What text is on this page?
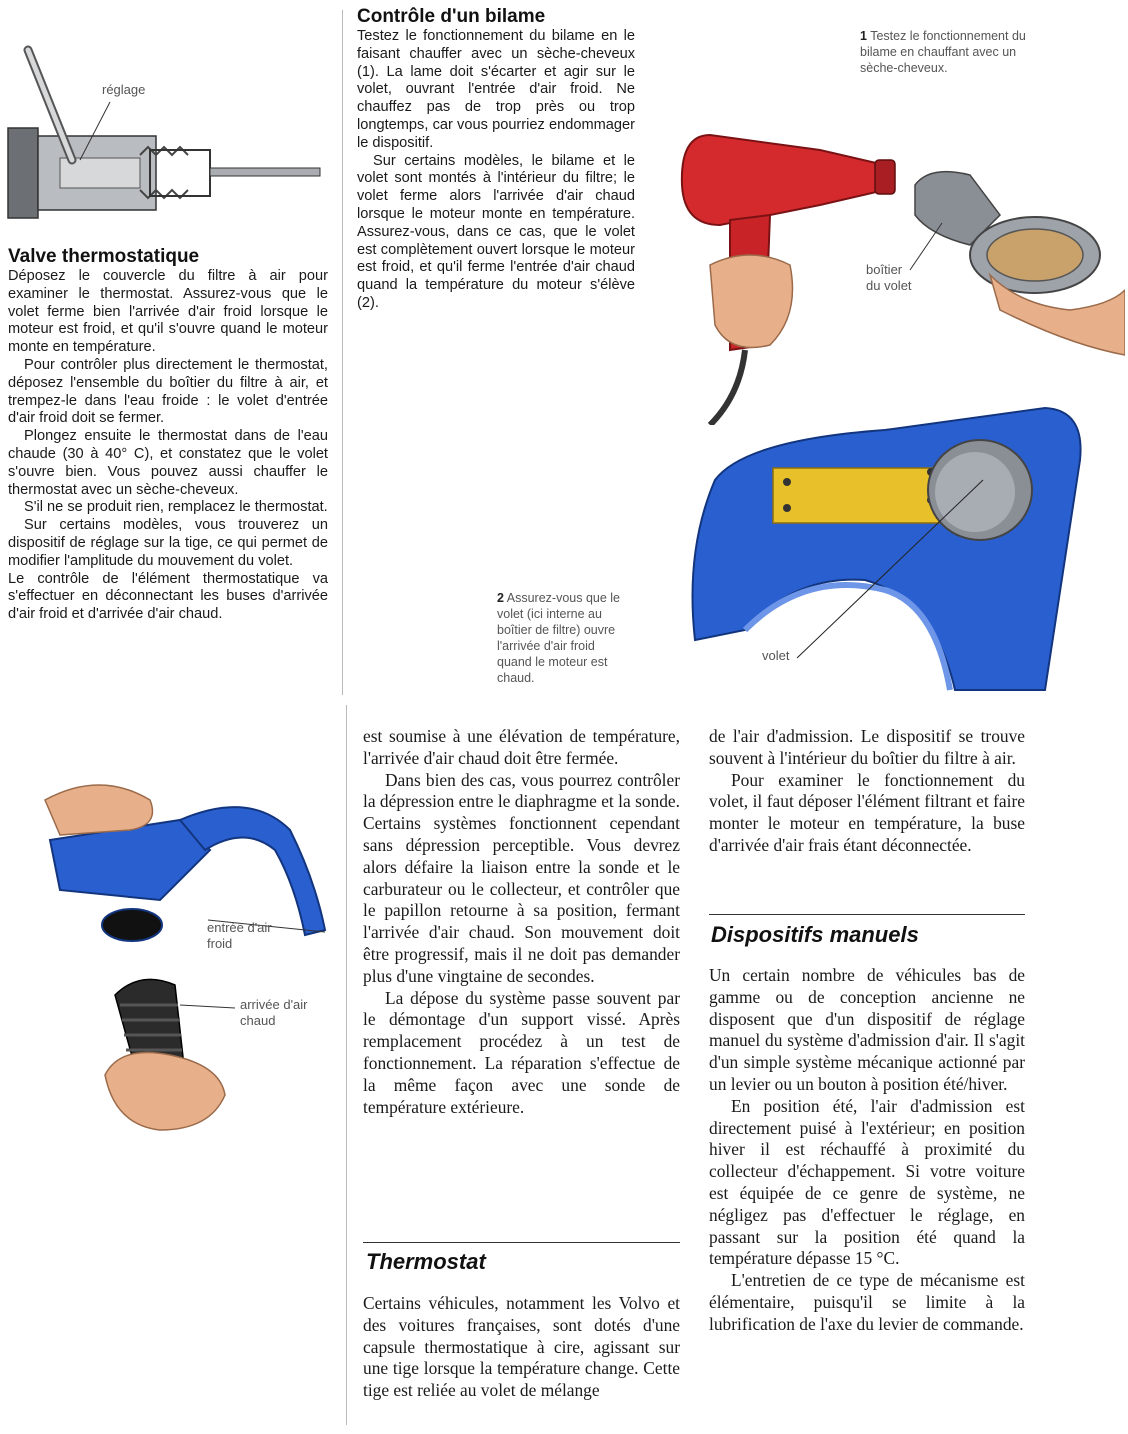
réglage
Valve thermostatique

Déposez le couvercle du filtre à air pour examiner le thermostat. Assurez-vous que le volet ferme bien l'arrivée d'air froid lorsque le moteur est froid, et qu'il s'ouvre quand le moteur monte en température.

Pour contrôler plus directement le thermostat, déposez l'ensemble du boîtier du filtre à air, et trempez-le dans l'eau froide : le volet d'entrée d'air froid doit se fermer.

Plongez ensuite le thermostat dans de l'eau chaude (30 à 40° C), et constatez que le volet s'ouvre bien. Vous pouvez aussi chauffer le thermostat avec un sèche-cheveux.

S'il ne se produit rien, remplacez le thermostat.

Sur certains modèles, vous trouverez un dispositif de réglage sur la tige, ce qui permet de modifier l'amplitude du mouvement du volet.

Le contrôle de l'élément thermostatique va s'effectuer en déconnectant les buses d'arrivée d'air froid et d'arrivée d'air chaud.

Contrôle d'un bilame

Testez le fonctionnement du bilame en le faisant chauffer avec un sèche-cheveux (1). La lame doit s'écarter et agir sur le volet, ouvrant l'entrée d'air froid. Ne chauffez pas de trop près ou trop longtemps, car vous pourriez endommager le dispositif.

Sur certains modèles, le bilame et le volet sont montés à l'intérieur du filtre; le volet ferme alors l'arrivée d'air chaud lorsque le moteur monte en température. Assurez-vous, dans ce cas, que le volet est complètement ouvert lorsque le moteur est froid, et qu'il ferme l'entrée d'air chaud quand la température du moteur s'élève (2).

1 Testez le fonctionnement du bilame en chauffant avec un sèche-cheveux.
boîtier
du volet
2 Assurez-vous que le volet (ici interne au boîtier de filtre) ouvre l'arrivée d'air froid quand le moteur est chaud.
volet
entrée d'air
froid
arrivée d'air
chaud

est soumise à une élévation de température, l'arrivée d'air chaud doit être fermée.

Dans bien des cas, vous pourrez contrôler la dépression entre le diaphragme et la sonde. Certains systèmes fonctionnent cependant sans dépression perceptible. Vous devrez alors défaire la liaison entre la sonde et le carburateur ou le collecteur, et contrôler que le papillon retourne à sa position, fermant l'arrivée d'air chaud. Son mouvement doit être progressif, mais il ne doit pas demander plus d'une vingtaine de secondes.

La dépose du système passe souvent par le démontage d'un support vissé. Après remplacement procédez à un test de fonctionnement. La réparation s'effectue de la même façon avec une sonde de température extérieure.

Thermostat

Certains véhicules, notamment les Volvo et des voitures françaises, sont dotés d'une capsule thermostatique à cire, agissant sur une tige lorsque la température change. Cette tige est reliée au volet de mélange

de l'air d'admission. Le dispositif se trouve souvent à l'intérieur du boîtier du filtre à air.

Pour examiner le fonctionnement du volet, il faut déposer l'élément filtrant et faire monter le moteur en température, la buse d'arrivée d'air frais étant déconnectée.

Dispositifs manuels

Un certain nombre de véhicules bas de gamme ou de conception ancienne ne disposent que d'un dispositif de réglage manuel du système d'admission d'air. Il s'agit d'un simple système mécanique actionné par un levier ou un bouton à position été/hiver.

En position été, l'air d'admission est directement puisé à l'extérieur; en position hiver il est réchauffé à proximité du collecteur d'échappement. Si votre voiture est équipée de ce genre de système, ne négligez pas d'effectuer le réglage, en passant sur la position été quand la température dépasse 15 °C.

L'entretien de ce type de mécanisme est élémentaire, puisqu'il se limite à la lubrification de l'axe du levier de commande.
